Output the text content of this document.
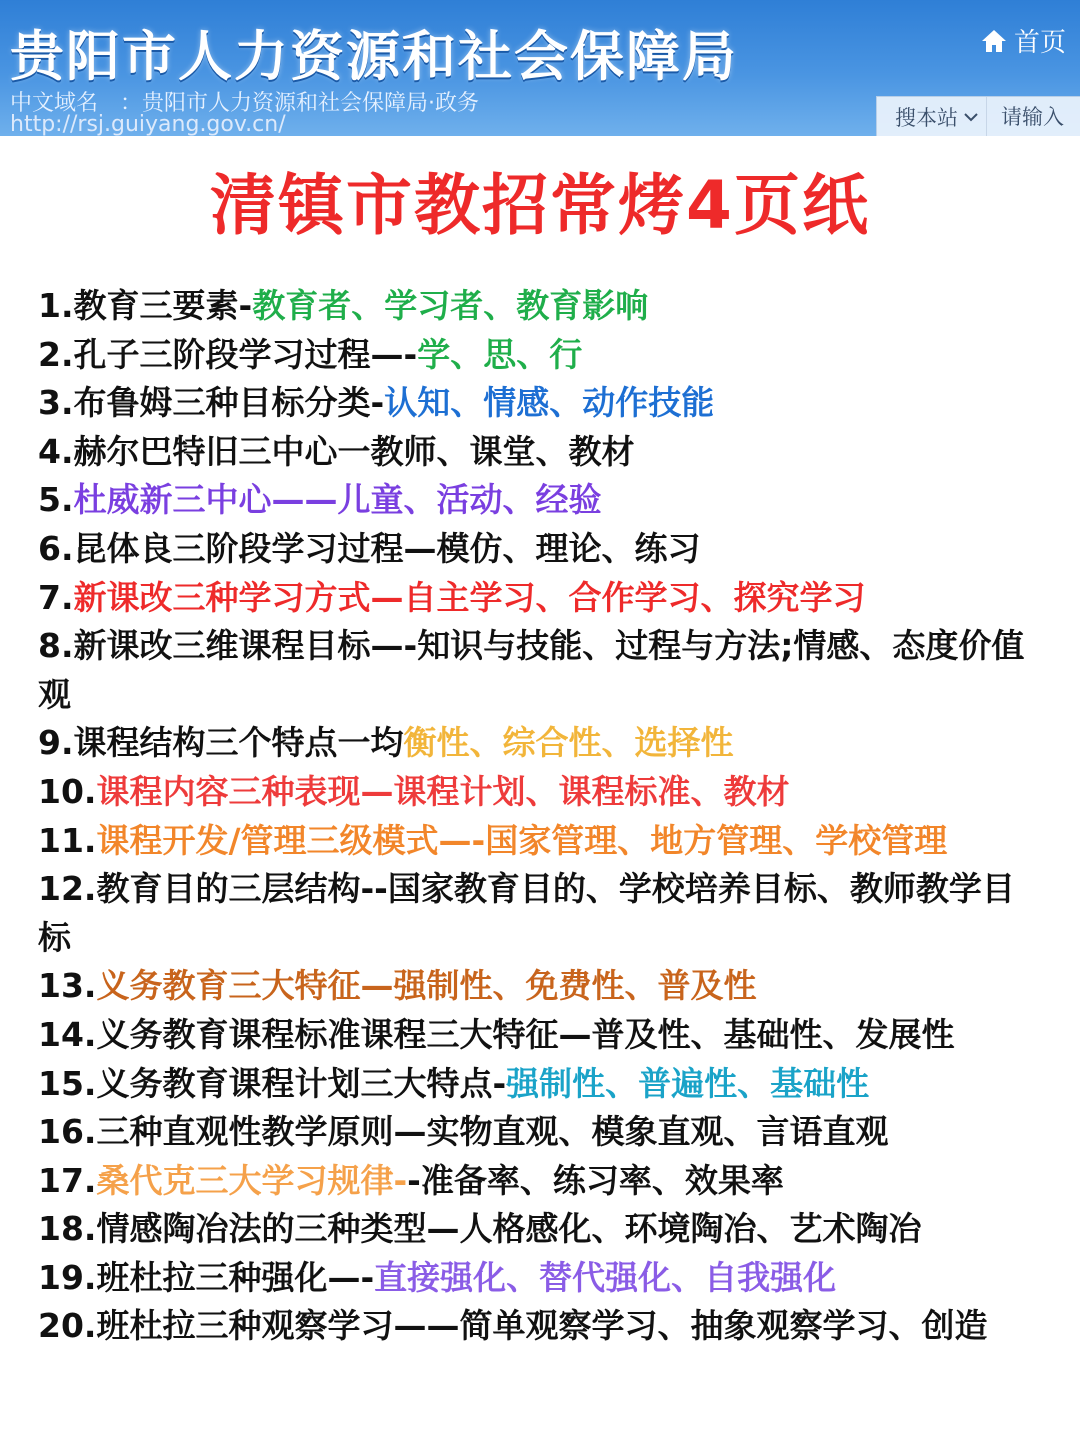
贵阳市人力资源和社会保障局
中文域名　：贵阳市人力资源和社会保障局·政务
http://rsj.guiyang.gov.cn/
首页
搜本站
请输入
清镇市教招常烤4页纸
1.教育三要素-教育者、学习者、教育影响
2.孔子三阶段学习过程—-学、思、行
3.布鲁姆三种目标分类-认知、情感、动作技能
4.赫尔巴特旧三中心一教师、课堂、教材
5.杜威新三中心——儿童、活动、经验
6.昆体良三阶段学习过程—模仿、理论、练习
7.新课改三种学习方式—自主学习、合作学习、探究学习
8.新课改三维课程目标—-知识与技能、过程与方法;情感、态度价值观
9.课程结构三个特点一均衡性、综合性、选择性
10.课程内容三种表现—课程计划、课程标准、教材
11.课程开发/管理三级模式—-国家管理、地方管理、学校管理
12.教育目的三层结构--国家教育目的、学校培养目标、教师教学目标
13.义务教育三大特征—强制性、免费性、普及性
14.义务教育课程标准课程三大特征—普及性、基础性、发展性
15.义务教育课程计划三大特点-强制性、普遍性、基础性
16.三种直观性教学原则—实物直观、模象直观、言语直观
17.桑代克三大学习规律--准备率、练习率、效果率
18.情感陶冶法的三种类型—人格感化、环境陶冶、艺术陶冶
19.班杜拉三种强化—-直接强化、替代强化、自我强化
20.班杜拉三种观察学习——简单观察学习、抽象观察学习、创造
